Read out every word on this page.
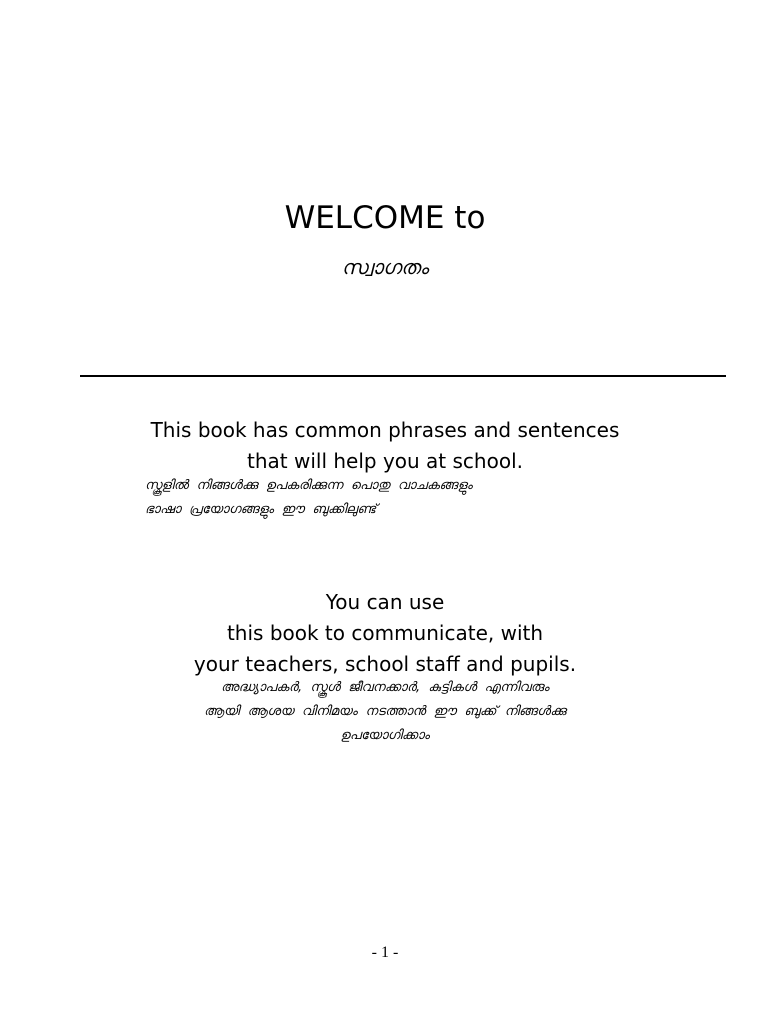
WELCOME to
സ്വാഗതം
This book has common phrases and sentences
that will help you at school.
സ്കൂളിൽ നിങ്ങൾക്കു ഉപകരിക്കുന്ന പൊതു വാചകങ്ങളും
ഭാഷാ പ്രയോഗങ്ങളും ഈ ബുക്കിലുണ്ട്
You can use
this book to communicate, with
your teachers, school staff and pupils.
അദ്ധ്യാപകർ, സ്കൂൾ ജീവനക്കാർ, കുട്ടികൾ എന്നിവരും
ആയി ആശയ വിനിമയം നടത്താൻ ഈ ബുക്ക് നിങ്ങൾക്കു
ഉപയോഗിക്കാം
- 1 -
